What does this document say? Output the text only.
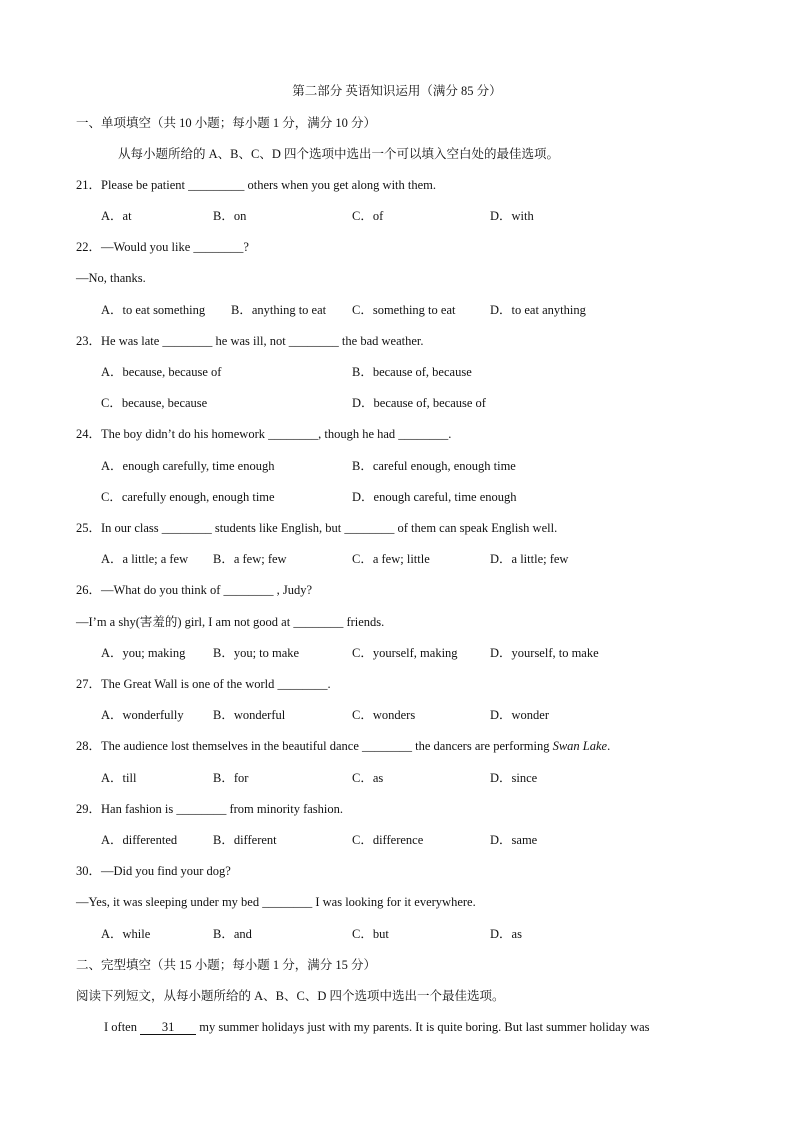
第二部分 英语知识运用（满分 85 分）
一、单项填空（共 10 小题；每小题 1 分，满分 10 分）
从每小题所给的 A、B、C、D 四个选项中选出一个可以填入空白处的最佳选项。
21．Please be patient _________ others when you get along with them.
A．at	B．on	C．of	D．with
22．—Would you like ________?
—No, thanks.
A．to eat something B．anything to eat C．something to eat	D．to eat anything
23．He was late ________ he was ill, not ________ the bad weather.
A．because, because of	B．because of, because
C．because, because	D．because of, because of
24．The boy didn’t do his homework ________, though he had ________.
A．enough carefully, time enough	B．careful enough, enough time
C．carefully enough, enough time	D．enough careful, time enough
25．In our class ________ students like English, but ________ of them can speak English well.
A．a little; a few B．a few; few	C．a few; little	D．a little; few
26．—What do you think of ________ , Judy?
—I’m a shy(害羞的) girl, I am not good at ________ friends.
A．you; making B．you; to make	C．yourself, making	D．yourself, to make
27．The Great Wall is one of the world ________.
A．wonderfully B．wonderful	C．wonders	D．wonder
28．The audience lost themselves in the beautiful dance ________ the dancers are performing Swan Lake.
A．till	B．for	C．as	D．since
29．Han fashion is ________ from minority fashion.
A．differented	B．different	C．difference	D．same
30．—Did you find your dog?
—Yes, it was sleeping under my bed ________ I was looking for it everywhere.
A．while	B．and	C．but	D．as
二、完型填空（共 15 小题；每小题 1 分，满分 15 分）
阅读下列短文，从每小题所给的 A、B、C、D 四个选项中选出一个最佳选项。
I often 31 my summer holidays just with my parents. It is quite boring. But last summer holiday was
